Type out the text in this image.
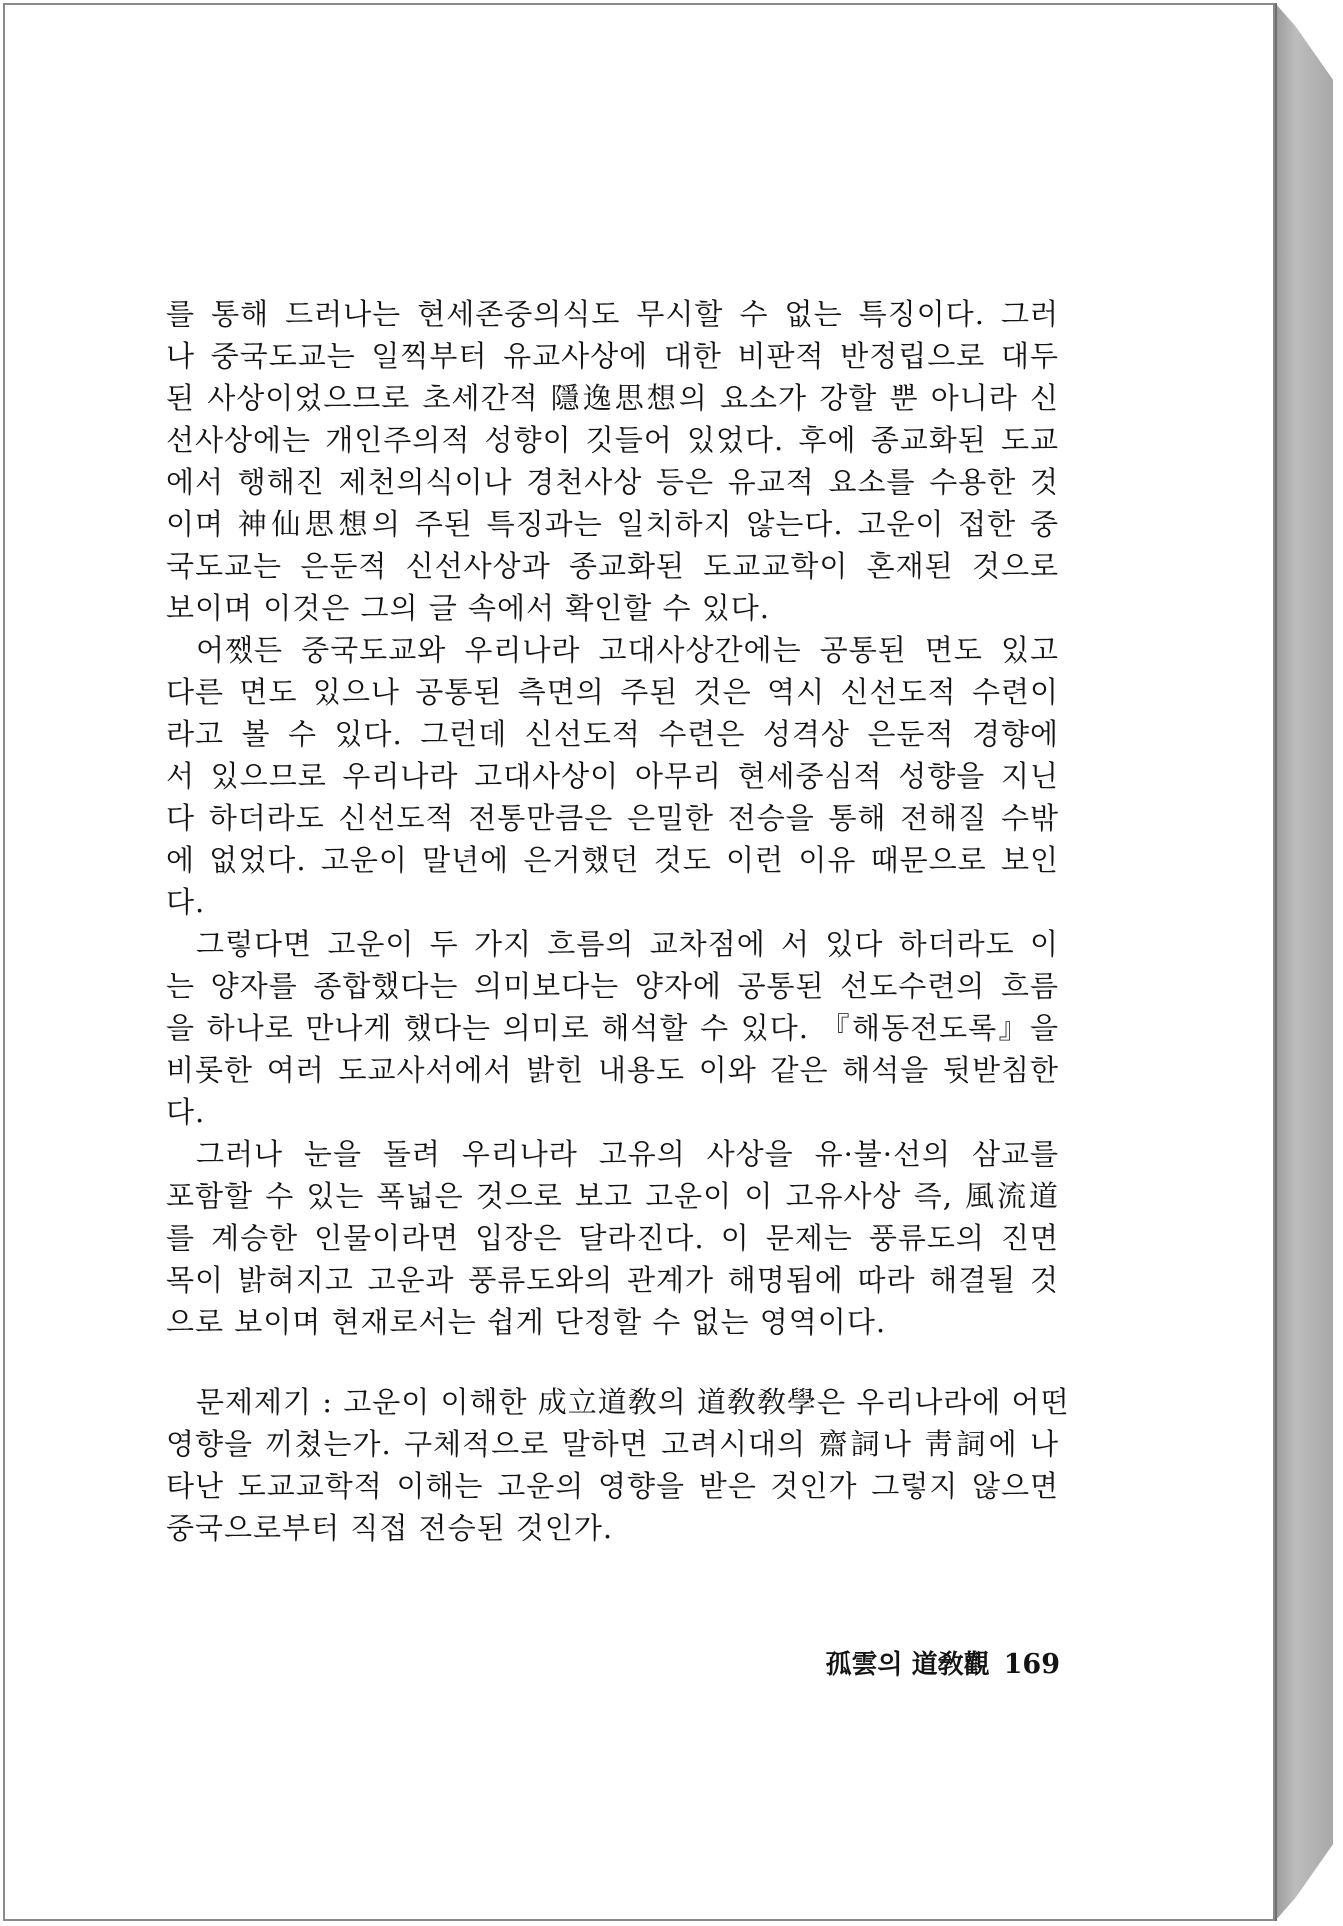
를 통해 드러나는 현세존중의식도 무시할 수 없는 특징이다. 그러
나 중국도교는 일찍부터 유교사상에 대한 비판적 반정립으로 대두
된 사상이었으므로 초세간적 隱逸思想의 요소가 강할 뿐 아니라 신
선사상에는 개인주의적 성향이 깃들어 있었다. 후에 종교화된 도교
에서 행해진 제천의식이나 경천사상 등은 유교적 요소를 수용한 것
이며 神仙思想의 주된 특징과는 일치하지 않는다. 고운이 접한 중
국도교는 은둔적 신선사상과 종교화된 도교교학이 혼재된 것으로
보이며 이것은 그의 글 속에서 확인할 수 있다.

어쨌든 중국도교와 우리나라 고대사상간에는 공통된 면도 있고
다른 면도 있으나 공통된 측면의 주된 것은 역시 신선도적 수련이
라고 볼 수 있다. 그런데 신선도적 수련은 성격상 은둔적 경향에
서 있으므로 우리나라 고대사상이 아무리 현세중심적 성향을 지닌
다 하더라도 신선도적 전통만큼은 은밀한 전승을 통해 전해질 수밖
에 없었다. 고운이 말년에 은거했던 것도 이런 이유 때문으로 보인
다.

그렇다면 고운이 두 가지 흐름의 교차점에 서 있다 하더라도 이
는 양자를 종합했다는 의미보다는 양자에 공통된 선도수련의 흐름
을 하나로 만나게 했다는 의미로 해석할 수 있다. 『해동전도록』을
비롯한 여러 도교사서에서 밝힌 내용도 이와 같은 해석을 뒷받침한
다.

그러나 눈을 돌려 우리나라 고유의 사상을 유·불·선의 삼교를
포함할 수 있는 폭넓은 것으로 보고 고운이 이 고유사상 즉, 風流道
를 계승한 인물이라면 입장은 달라진다. 이 문제는 풍류도의 진면
목이 밝혀지고 고운과 풍류도와의 관계가 해명됨에 따라 해결될 것
으로 보이며 현재로서는 쉽게 단정할 수 없는 영역이다.

문제제기 : 고운이 이해한 成立道敎의 道敎敎學은 우리나라에 어떤
영향을 끼쳤는가. 구체적으로 말하면 고려시대의 齋詞나 靑詞에 나
타난 도교교학적 이해는 고운의 영향을 받은 것인가 그렇지 않으면
중국으로부터 직접 전승된 것인가.

孤雲의 道敎觀 169
